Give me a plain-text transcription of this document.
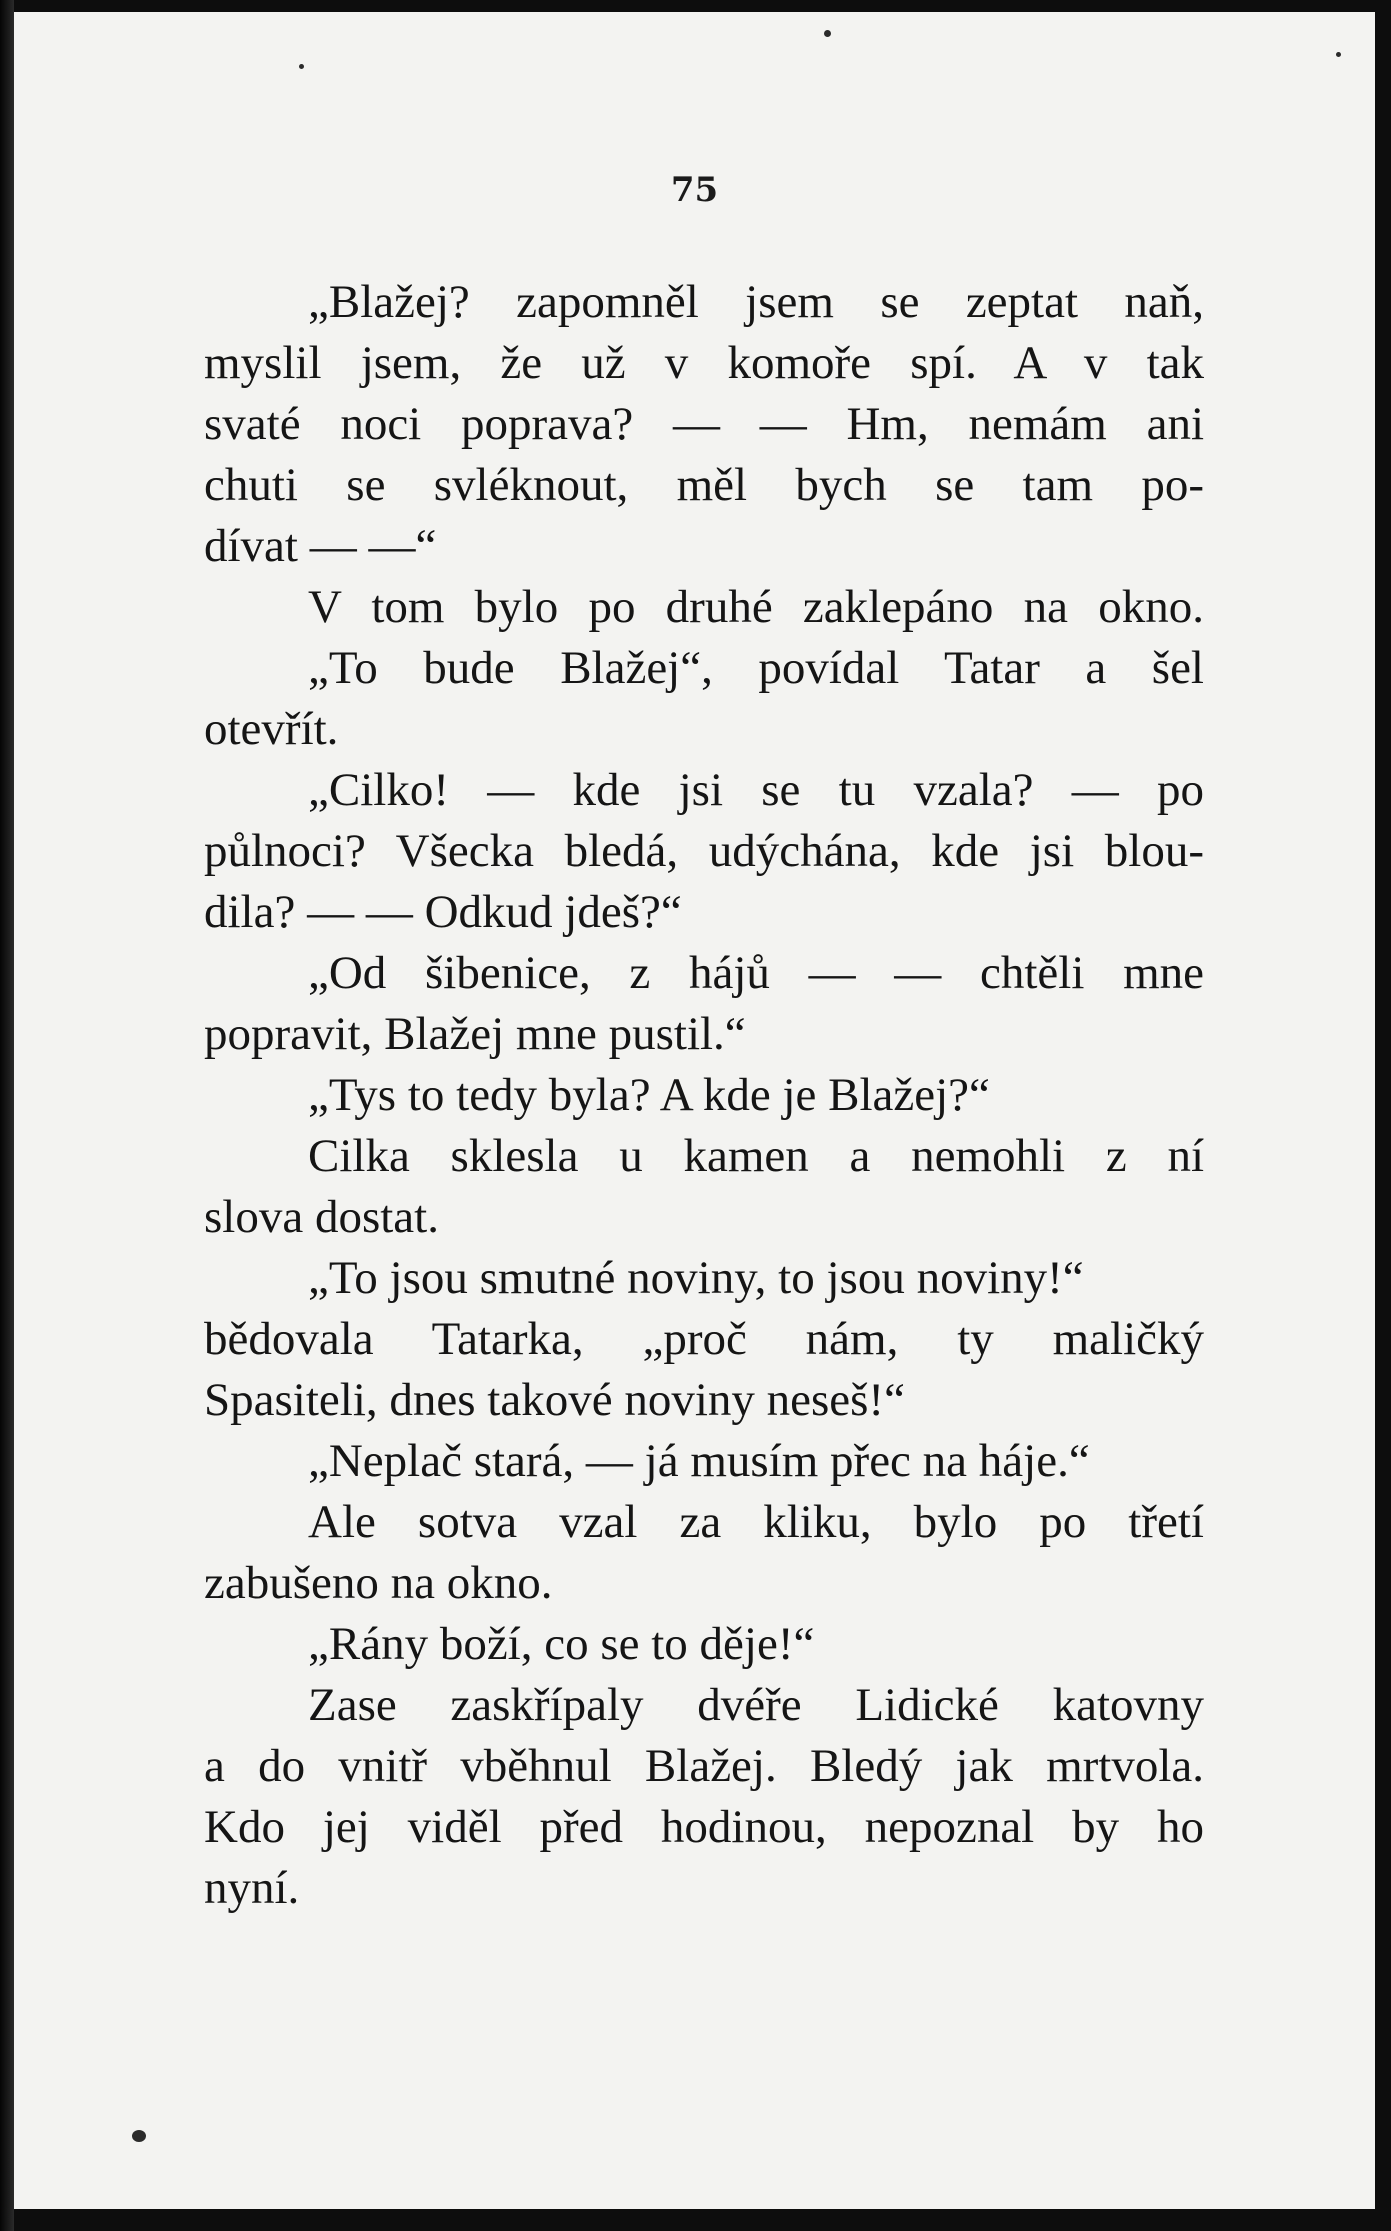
75
„Blažej? zapomněl jsem se zeptat naň,
myslil jsem, že už v komoře spí. A v tak
svaté noci poprava? — — Hm, nemám ani
chuti se svléknout, měl bych se tam po-
dívat — —“
V tom bylo po druhé zaklepáno na okno.
„To bude Blažej“, povídal Tatar a šel
otevřít.
„Cilko! — kde jsi se tu vzala? — po
půlnoci? Všecka bledá, udýchána, kde jsi blou-
dila? — — Odkud jdeš?“
„Od šibenice, z hájů — — chtěli mne
popravit, Blažej mne pustil.“
„Tys to tedy byla? A kde je Blažej?“
Cilka sklesla u kamen a nemohli z ní
slova dostat.
„To jsou smutné noviny, to jsou noviny!“
bědovala Tatarka, „proč nám, ty maličký
Spasiteli, dnes takové noviny neseš!“
„Neplač stará, — já musím přec na háje.“
Ale sotva vzal za kliku, bylo po třetí
zabušeno na okno.
„Rány boží, co se to děje!“
Zase zaskřípaly dvéře Lidické katovny
a do vnitř vběhnul Blažej. Bledý jak mrtvola.
Kdo jej viděl před hodinou, nepoznal by ho
nyní.
